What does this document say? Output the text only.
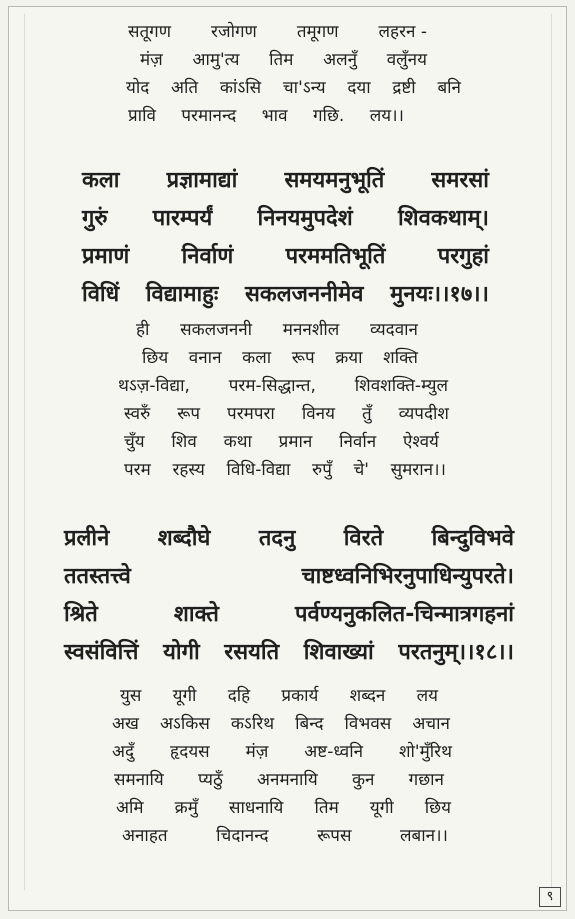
सतूगण रजोगण तमूगण लहरन -
मंज़ आमु'त्य तिम अलनुँ वलुँनय
योद अति कांऽसि चा'ऽन्य दया द्रष्टी बनि
प्रावि परमानन्द भाव गछि. लय।।
कला प्रज्ञामाद्यां समयमनुभूतिं समरसां
गुरुं पारम्पर्यं निनयमुपदेशं शिवकथाम्।
प्रमाणं निर्वाणं परममतिभूतिं परगुहां
विधिं विद्यामाहुः सकलजननीमेव मुनयः।।१७।।
ही सकलजननी मननशील व्यदवान
छिय वनान कला रूप क्रया शक्ति
थऽज़-विद्या, परम-सिद्धान्त, शिवशक्ति-म्युल
स्वरुँ रूप परमपरा विनय तुँ व्यपदीश
चुँय शिव कथा प्रमान निर्वान ऐश्वर्य
परम रहस्य विधि-विद्या रुपुँ चे' सुमरान।।
प्रलीने शब्दौघे तदनु विरते बिन्दुविभवे
ततस्तत्त्वे	चाष्टध्वनिभिरनुपाधिन्युपरते।
श्रिते	शाक्ते	पर्वण्यनुकलित-चिन्मात्रगहनां
स्वसंवित्तिं योगी रसयति शिवाख्यां परतनुम्।।१८।।
युस यूगी दहि प्रकार्य शब्दन लय
अख अऽकिस कऽरिथ बिन्द विभवस अचान
अदुँ हृदयस मंज़ अष्ट-ध्वनि शो'मुँरिथ
समनायि प्यठुँ अनमनायि कुन गछान
अमि क्रमुँ साधनायि तिम यूगी छिय
अनाहत	चिदानन्द	रूपस	लबान।।
९
